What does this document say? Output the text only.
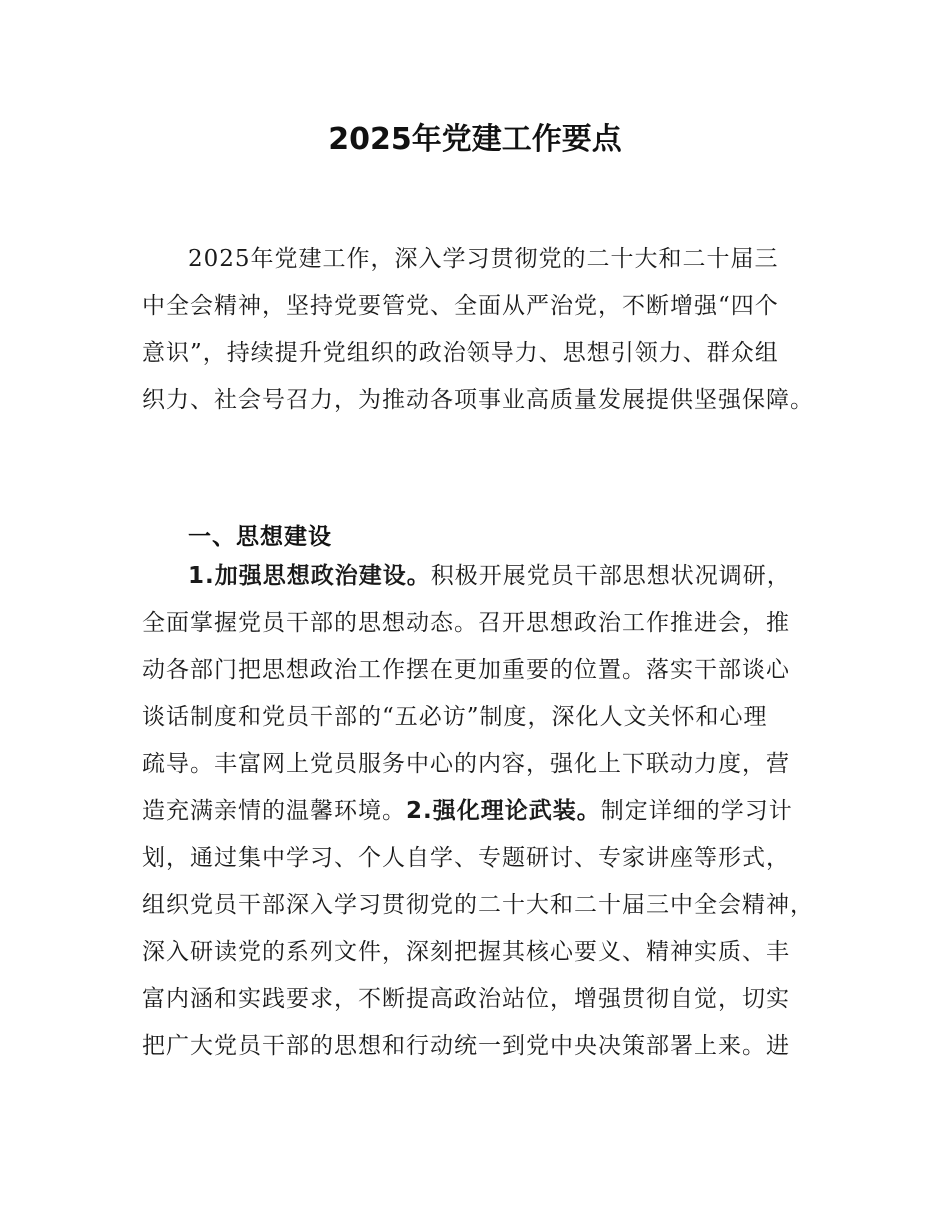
2025年党建工作要点

2025年党建工作，深入学习贯彻党的二十大和二十届三
中全会精神，坚持党要管党、全面从严治党，不断增强“四个
意识”，持续提升党组织的政治领导力、思想引领力、群众组
织力、社会号召力，为推动各项事业高质量发展提供坚强保障。

一、思想建设

1.加强思想政治建设。积极开展党员干部思想状况调研，
全面掌握党员干部的思想动态。召开思想政治工作推进会，推
动各部门把思想政治工作摆在更加重要的位置。落实干部谈心
谈话制度和党员干部的“五必访”制度，深化人文关怀和心理
疏导。丰富网上党员服务中心的内容，强化上下联动力度，营
造充满亲情的温馨环境。2.强化理论武装。制定详细的学习计
划，通过集中学习、个人自学、专题研讨、专家讲座等形式，
组织党员干部深入学习贯彻党的二十大和二十届三中全会精神，
深入研读党的系列文件，深刻把握其核心要义、精神实质、丰
富内涵和实践要求，不断提高政治站位，增强贯彻自觉，切实
把广大党员干部的思想和行动统一到党中央决策部署上来。进
